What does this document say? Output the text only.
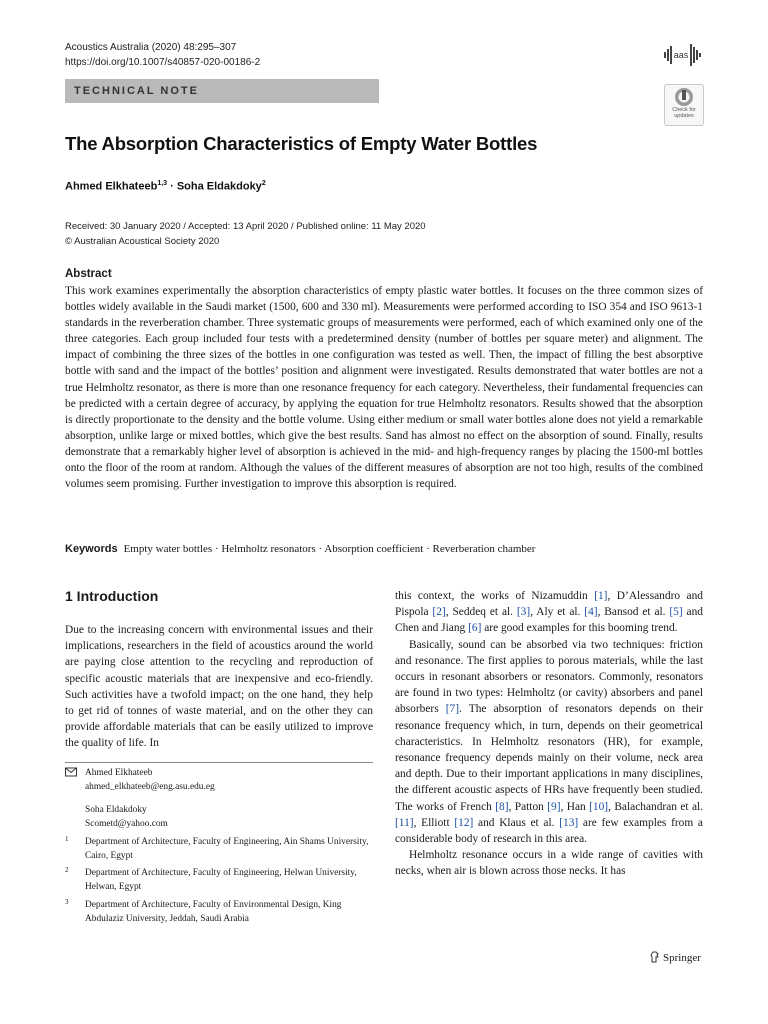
Acoustics Australia (2020) 48:295–307
https://doi.org/10.1007/s40857-020-00186-2
TECHNICAL NOTE
aas
Check for
updates
The Absorption Characteristics of Empty Water Bottles
Ahmed Elkhateeb$^{1,3}$ · Soha Eldakdoky$^2$
Received: 30 January 2020 / Accepted: 13 April 2020 / Published online: 11 May 2020
© Australian Acoustical Society 2020
Abstract

This work examines experimentally the absorption characteristics of empty plastic water bottles. It focuses on the three common sizes of bottles widely available in the Saudi market (1500, 600 and 330 ml). Measurements were performed according to ISO 354 and ISO 9613-1 standards in the reverberation chamber. Three systematic groups of measurements were performed, each of which examined only one of the three categories. Each group included four tests with a predetermined density (number of bottles per square meter) and alignment. The impact of combining the three sizes of the bottles in one configuration was tested as well. Then, the impact of filling the best absorptive bottle with sand and the impact of the bottles’ position and alignment were investigated. Results demonstrated that water bottles are not a true Helmholtz resonator, as there is more than one resonance frequency for each category. Nevertheless, their fundamental frequencies can be predicted with a certain degree of accuracy, by applying the equation for true Helmholtz resonators. Results showed that the absorption is directly proportionate to the density and the bottle volume. Using either medium or small water bottles alone does not yield a remarkable absorption, unlike large or mixed bottles, which give the best results. Sand has almost no effect on the absorption of sound. Finally, results demonstrate that a remarkably higher level of absorption is achieved in the mid- and high-frequency ranges by placing the 1500-ml bottles onto the floor of the room at random. Although the values of the different measures of absorption are not too high, results of the combined volumes seem promising. Further investigation to improve this absorption is required.

Keywords Empty water bottles · Helmholtz resonators · Absorption coefficient · Reverberation chamber
1 Introduction

Due to the increasing concern with environmental issues and their implications, researchers in the field of acoustics around the world are paying close attention to the recycling and reproduction of specific acoustic materials that are inexpensive and eco-friendly. Such activities have a twofold impact; on the one hand, they help to get rid of tonnes of waste material, and on the other they can provide affordable materials that can be easily utilized to improve the quality of life. In

this context, the works of Nizamuddin [1], D’Alessandro and Pispola [2], Seddeq et al. [3], Aly et al. [4], Bansod et al. [5] and Chen and Jiang [6] are good examples for this booming trend.

Basically, sound can be absorbed via two techniques: friction and resonance. The first applies to porous materials, while the last occurs in resonant absorbers or resonators. Commonly, resonators are found in two types: Helmholtz (or cavity) absorbers and panel absorbers [7]. The absorption of resonators depends on their resonance frequency which, in turn, depends on their geometrical characteristics. In Helmholtz resonators (HR), for example, resonance frequency depends mainly on their volume, neck area and depth. Due to their important applications in many disciplines, the different acoustic aspects of HRs have frequently been studied. The works of French [8], Patton [9], Han [10], Balachandran et al. [11], Elliott [12] and Klaus et al. [13] are few examples from a considerable body of research in this area.

Helmholtz resonance occurs in a wide range of cavities with necks, when air is blown across those necks. It has

Ahmed Elkhateeb
ahmed_elkhateeb@eng.asu.edu.eg
Soha Eldakdoky
Scometd@yahoo.com
1 Department of Architecture, Faculty of Engineering, Ain Shams University, Cairo, Egypt
2 Department of Architecture, Faculty of Engineering, Helwan University, Helwan, Egypt
3 Department of Architecture, Faculty of Environmental Design, King Abdulaziz University, Jeddah, Saudi Arabia
Springer
